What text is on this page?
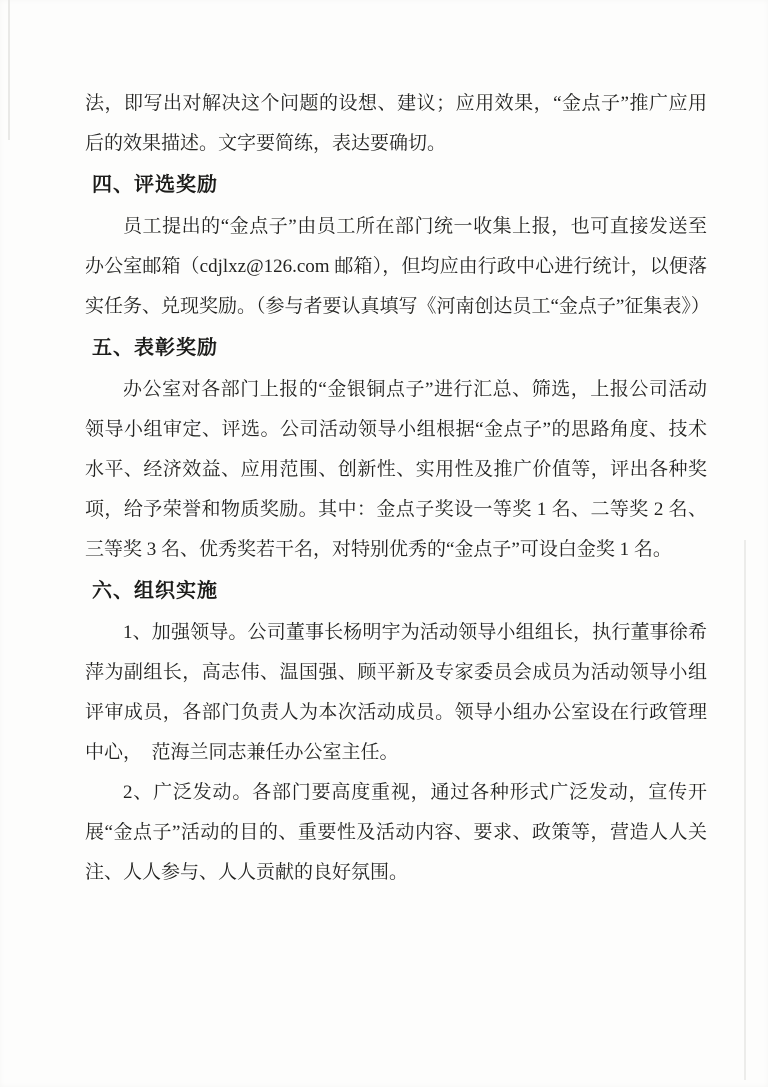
法，即写出对解决这个问题的设想、建议；应用效果，“金点子”推广应用后的效果描述。文字要简练，表达要确切。

四、评选奖励

员工提出的“金点子”由员工所在部门统一收集上报，也可直接发送至办公室邮箱（cdjlxz@126.com 邮箱），但均应由行政中心进行统计，以便落实任务、兑现奖励。（参与者要认真填写《河南创达员工“金点子”征集表》）

五、表彰奖励

办公室对各部门上报的“金银铜点子”进行汇总、筛选，上报公司活动领导小组审定、评选。公司活动领导小组根据“金点子”的思路角度、技术水平、经济效益、应用范围、创新性、实用性及推广价值等，评出各种奖项，给予荣誉和物质奖励。其中：金点子奖设一等奖 1 名、二等奖 2 名、三等奖 3 名、优秀奖若干名，对特别优秀的“金点子”可设白金奖 1 名。

六、组织实施

1、加强领导。公司董事长杨明宇为活动领导小组组长，执行董事徐希萍为副组长，高志伟、温国强、顾平新及专家委员会成员为活动领导小组评审成员，各部门负责人为本次活动成员。领导小组办公室设在行政管理中心，　范海兰同志兼任办公室主任。

2、广泛发动。各部门要高度重视，通过各种形式广泛发动，宣传开展“金点子”活动的目的、重要性及活动内容、要求、政策等，营造人人关注、人人参与、人人贡献的良好氛围。
